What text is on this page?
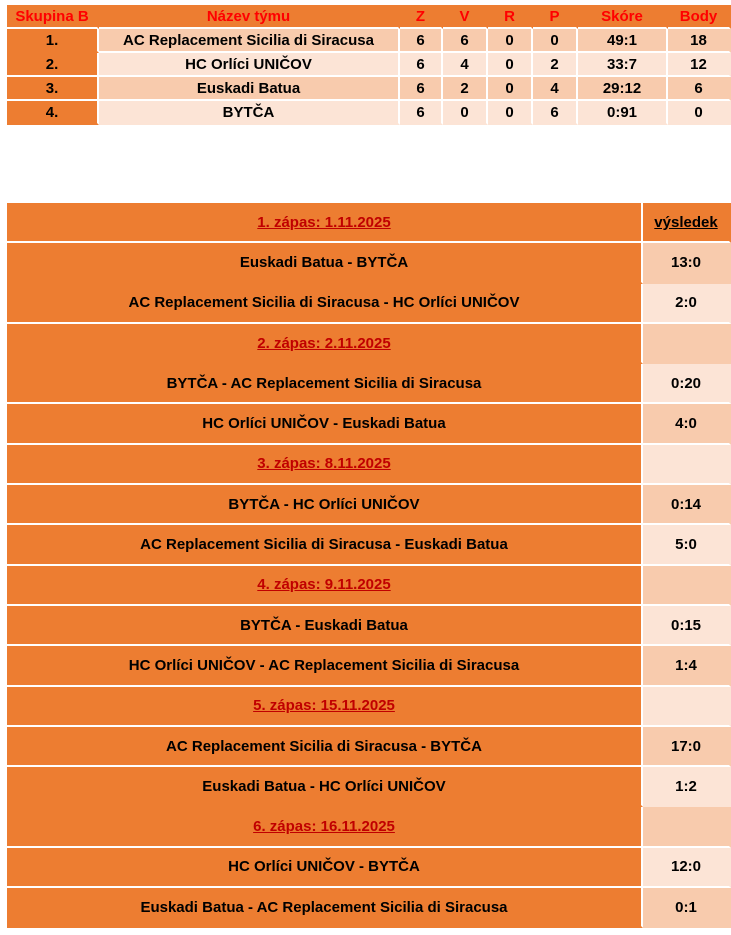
Skupina B	Název týmu	Z	V	R	P	Skóre	Body
1.	AC Replacement Sicilia di Siracusa	6	6	0	0	49:1	18
2.	HC Orlíci UNIČOV	6	4	0	2	33:7	12
3.	Euskadi Batua	6	2	0	4	29:12	6
4.	BYTČA	6	0	0	6	0:91	0
1. zápas: 1.11.2025	výsledek
Euskadi Batua - BYTČA	13:0
AC Replacement Sicilia di Siracusa - HC Orlíci UNIČOV	2:0
2. zápas: 2.11.2025
BYTČA - AC Replacement Sicilia di Siracusa	0:20
HC Orlíci UNIČOV - Euskadi Batua	4:0
3. zápas: 8.11.2025
BYTČA - HC Orlíci UNIČOV	0:14
AC Replacement Sicilia di Siracusa - Euskadi Batua	5:0
4. zápas: 9.11.2025
BYTČA - Euskadi Batua	0:15
HC Orlíci UNIČOV - AC Replacement Sicilia di Siracusa	1:4
5. zápas: 15.11.2025
AC Replacement Sicilia di Siracusa - BYTČA	17:0
Euskadi Batua - HC Orlíci UNIČOV	1:2
6. zápas: 16.11.2025
HC Orlíci UNIČOV - BYTČA	12:0
Euskadi Batua - AC Replacement Sicilia di Siracusa	0:1
